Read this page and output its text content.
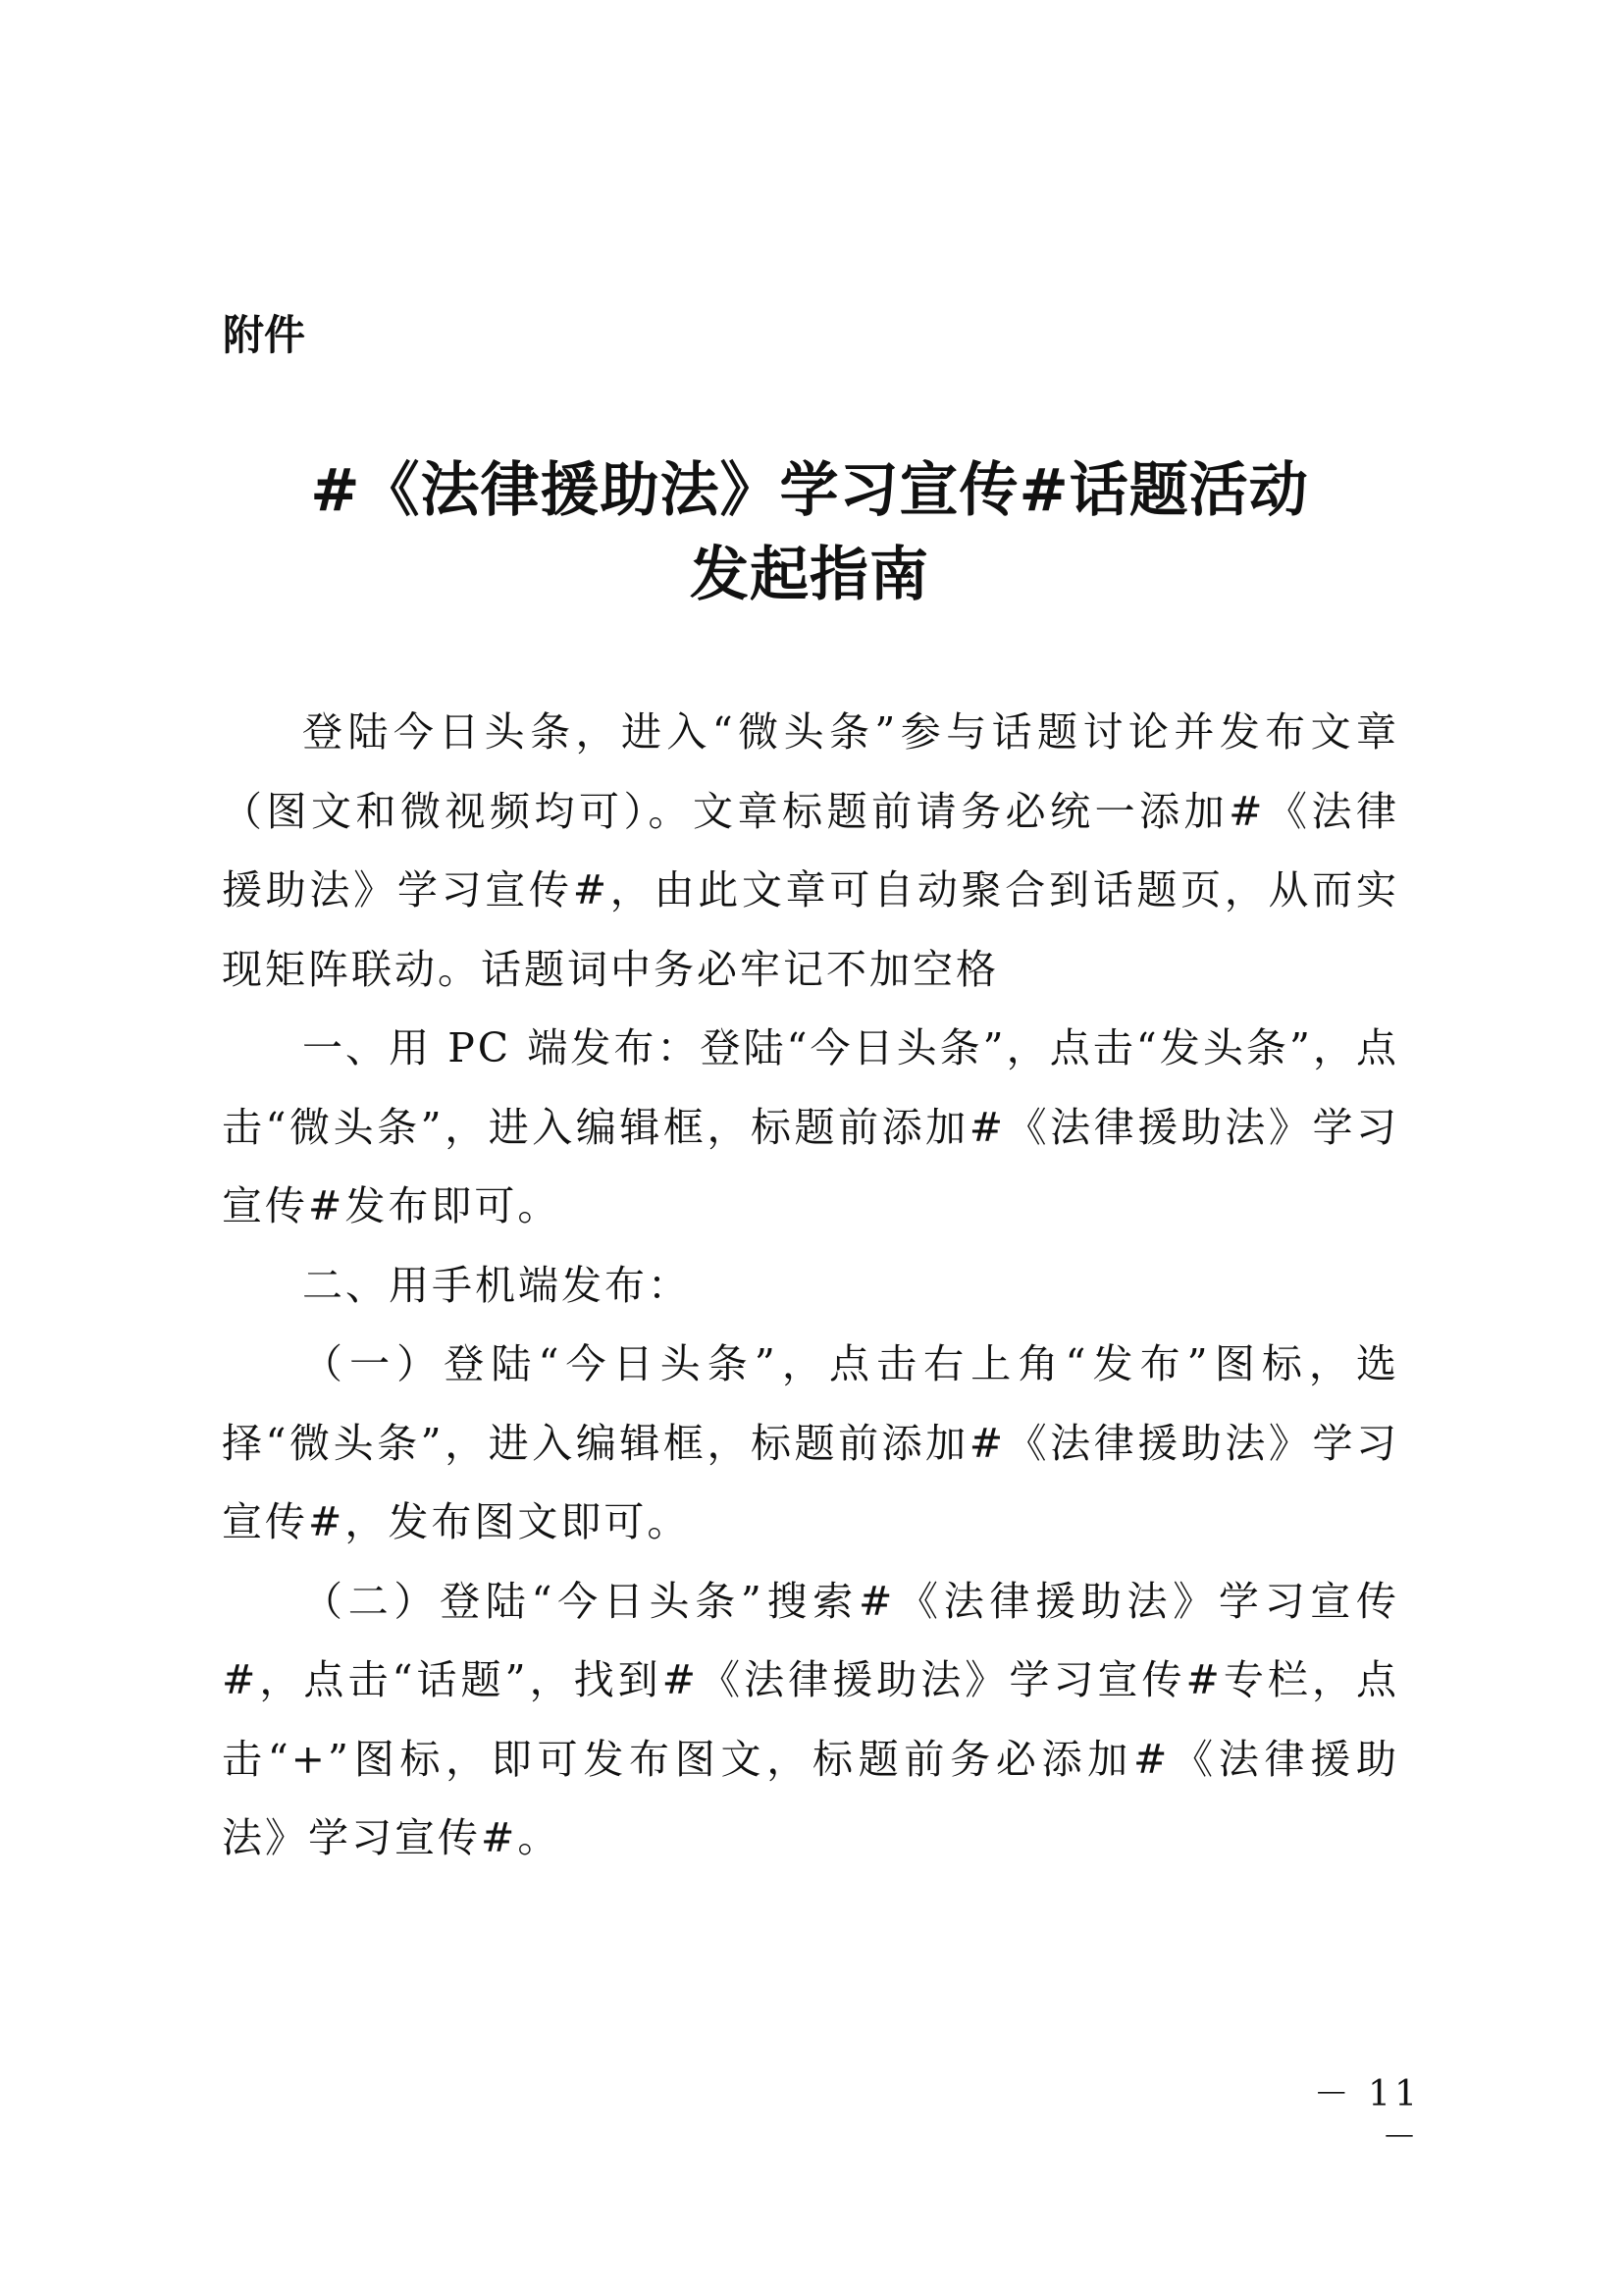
附件

#《法律援助法》学习宣传#话题活动
发起指南

登陆今日头条，进入“微头条”参与话题讨论并发布文章（图文和微视频均可）。文章标题前请务必统一添加#《法律援助法》学习宣传#，由此文章可自动聚合到话题页，从而实现矩阵联动。话题词中务必牢记不加空格

一、用 PC 端发布：登陆“今日头条”，点击“发头条”，点击“微头条”，进入编辑框，标题前添加#《法律援助法》学习宣传#发布即可。

二、用手机端发布：

（一）登陆“今日头条”，点击右上角“发布”图标，选择“微头条”，进入编辑框，标题前添加#《法律援助法》学习宣传#，发布图文即可。

（二）登陆“今日头条”搜索#《法律援助法》学习宣传#，点击“话题”，找到#《法律援助法》学习宣传#专栏，点击“+”图标，即可发布图文，标题前务必添加#《法律援助法》学习宣传#。

－ 11 －
